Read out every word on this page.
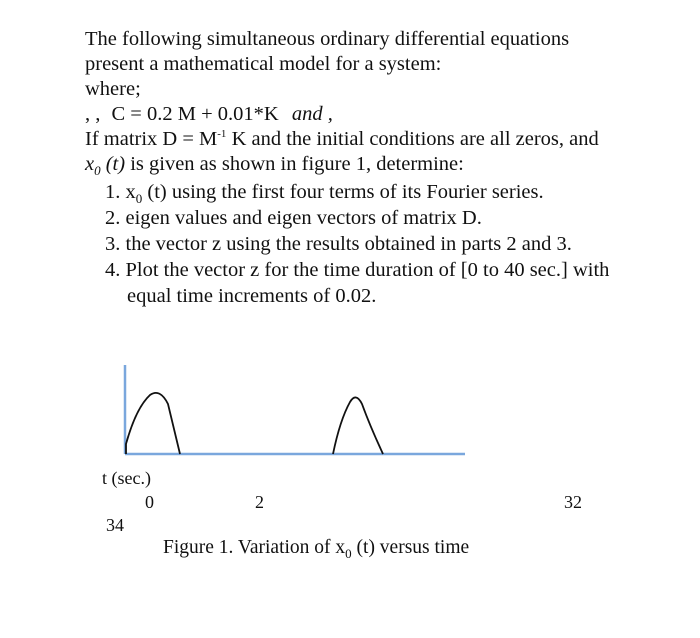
The following simultaneous ordinary differential equations
present a mathematical model for a system:
where;
, , C = 0.2 M + 0.01*K and ,
If matrix $D = M^{-1}$ K and the initial conditions are all zeros, and
$x_0$ (t) is given as shown in figure 1, determine:
1. $x_0$ (t) using the first four terms of its Fourier series.
2. eigen values and eigen vectors of matrix D.
3. the vector z using the results obtained in parts 2 and 3.
4. Plot the vector z for the time duration of [0 to 40 sec.] with
equal time increments of 0.02.
t (sec.)
0	2	32
34
Figure 1. Variation of $x_0$ (t) versus time
